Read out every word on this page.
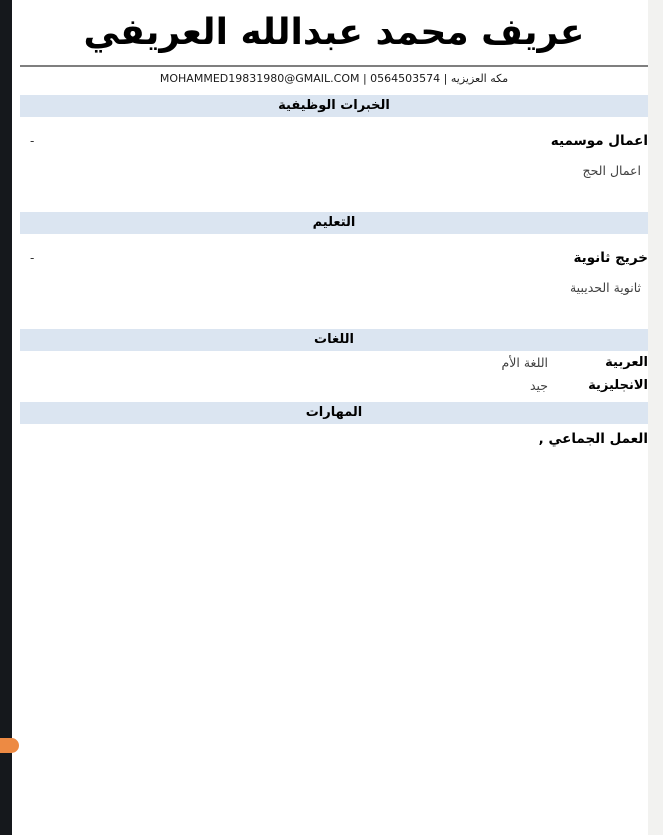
عريف محمد عبدالله العريفي
مكه العزيزيه | MOHAMMED19831980@GMAIL.COM | 0564503574
الخبرات الوظيفية
اعمال موسميه
-
اعمال الحج
التعليم
خريج ثانوية
-
ثانوية الحديبية
اللغات
العربية
اللغة الأم
الانجليزية
جيد
المهارات
العمل الجماعي ,
